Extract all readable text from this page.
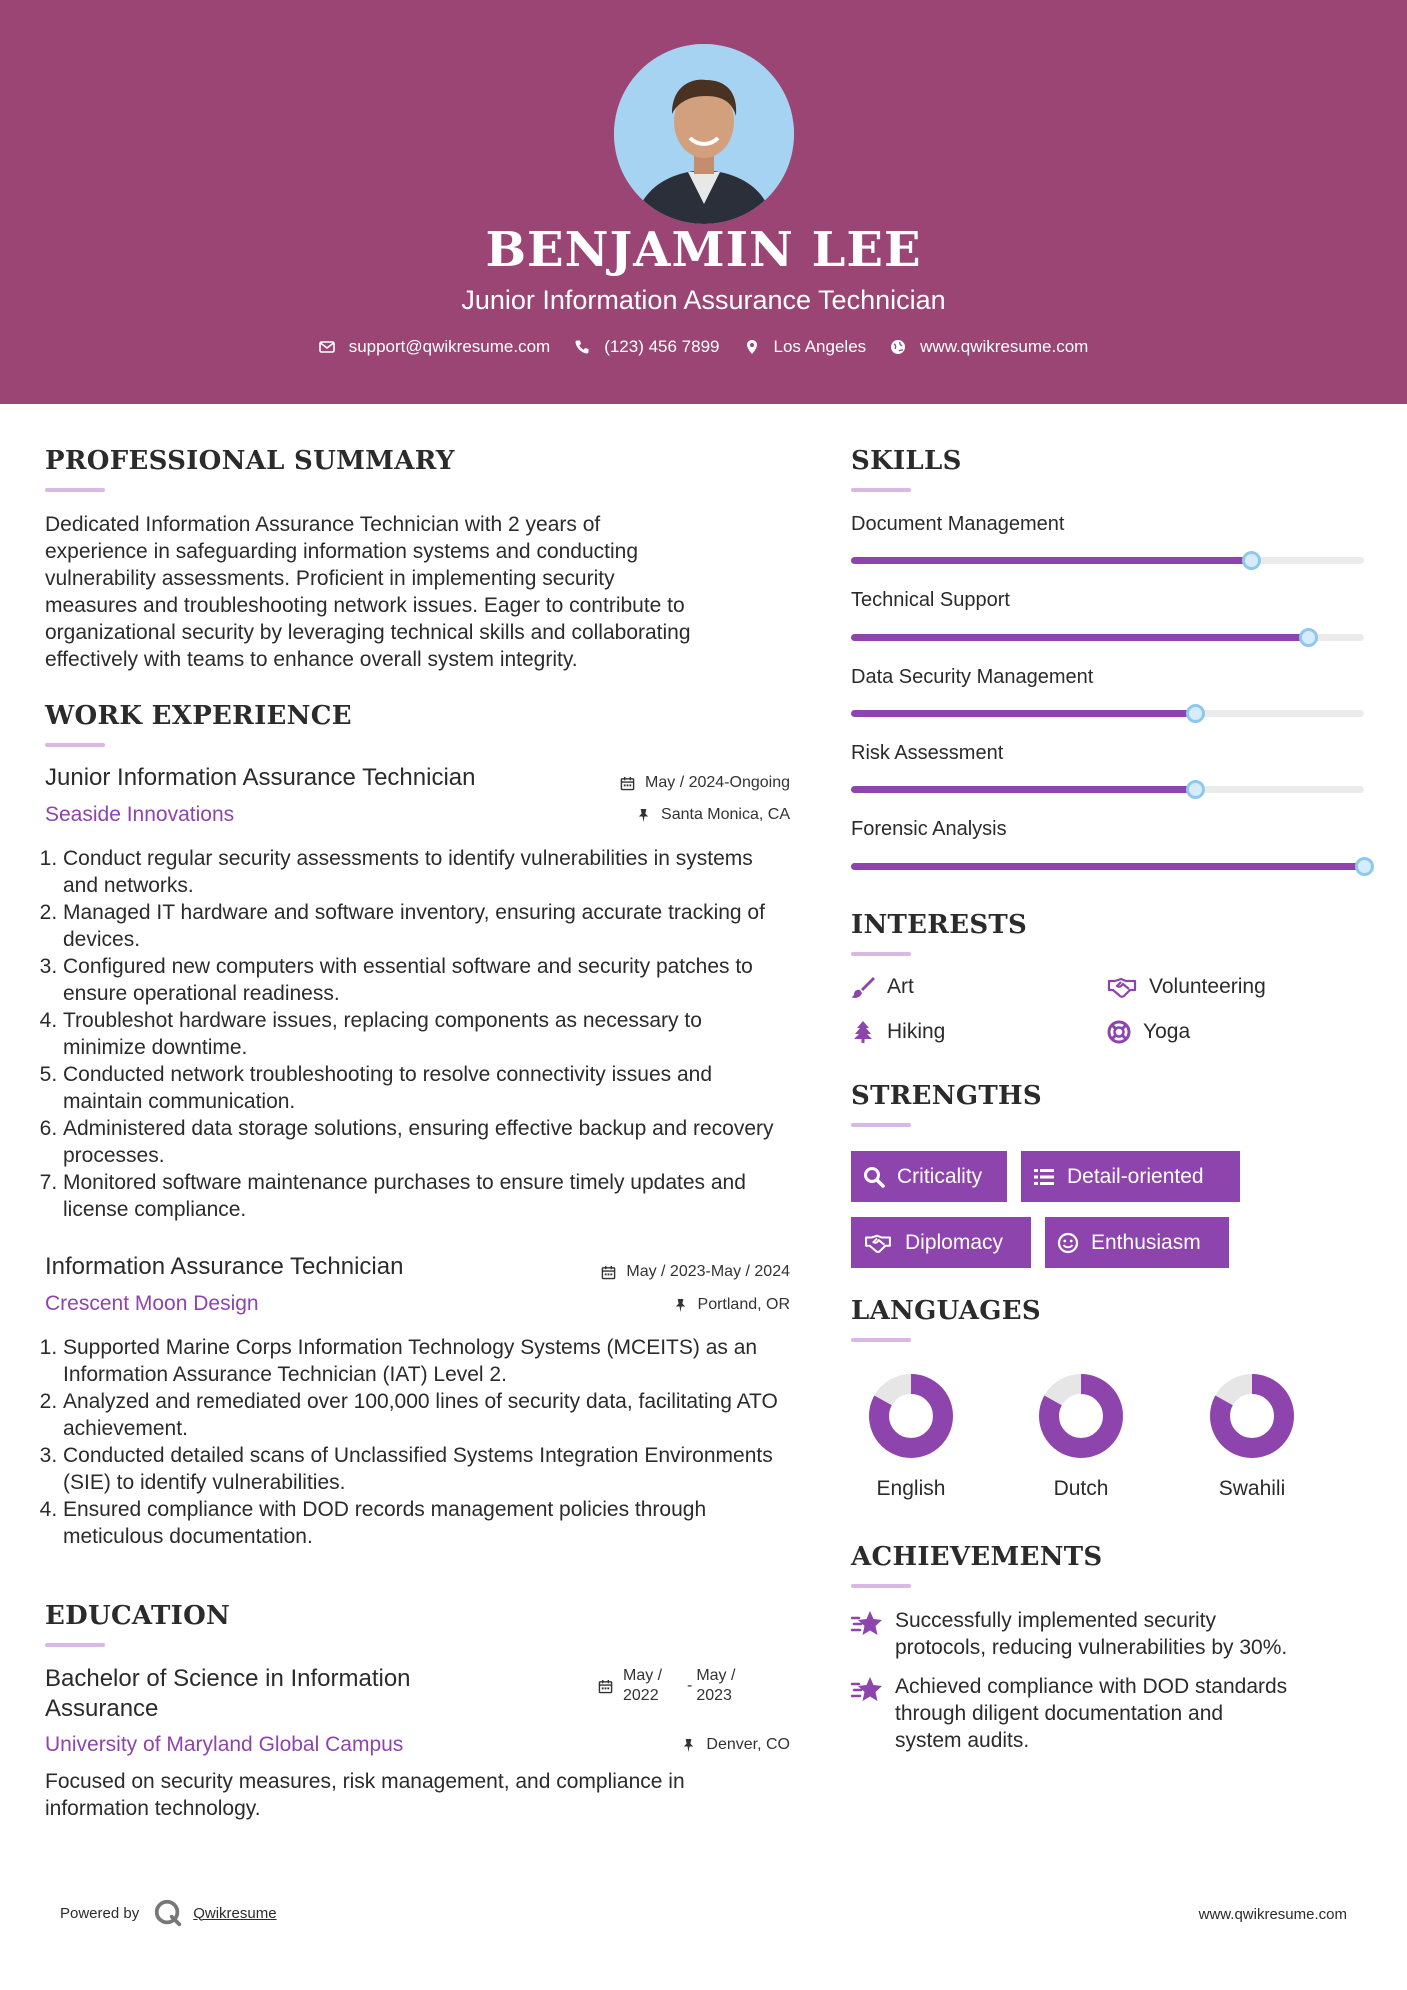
BENJAMIN LEE
Junior Information Assurance Technician
support@qwikresume.com	(123) 456 7899	Los Angeles	www.qwikresume.com
PROFESSIONAL SUMMARY
Dedicated Information Assurance Technician with 2 years of
experience in safeguarding information systems and conducting
vulnerability assessments. Proficient in implementing security
measures and troubleshooting network issues. Eager to contribute to
organizational security by leveraging technical skills and collaborating
effectively with teams to enhance overall system integrity.
WORK EXPERIENCE
Junior Information Assurance Technician	May / 2024-Ongoing
Seaside Innovations	Santa Monica, CA
1. Conduct regular security assessments to identify vulnerabilities in systems and networks.
2. Managed IT hardware and software inventory, ensuring accurate tracking of devices.
3. Configured new computers with essential software and security patches to ensure operational readiness.
4. Troubleshot hardware issues, replacing components as necessary to minimize downtime.
5. Conducted network troubleshooting to resolve connectivity issues and maintain communication.
6. Administered data storage solutions, ensuring effective backup and recovery processes.
7. Monitored software maintenance purchases to ensure timely updates and license compliance.
Information Assurance Technician	May / 2023-May / 2024
Crescent Moon Design	Portland, OR
1. Supported Marine Corps Information Technology Systems (MCEITS) as an Information Assurance Technician (IAT) Level 2.
2. Analyzed and remediated over 100,000 lines of security data, facilitating ATO achievement.
3. Conducted detailed scans of Unclassified Systems Integration Environments (SIE) to identify vulnerabilities.
4. Ensured compliance with DOD records management policies through meticulous documentation.
EDUCATION
Bachelor of Science in Information
Assurance
May /
2022
-
May /
2023
University of Maryland Global Campus	Denver, CO
Focused on security measures, risk management, and compliance in
information technology.
SKILLS
Document Management
Technical Support
Data Security Management
Risk Assessment
Forensic Analysis
INTERESTS
Art	Volunteering
Hiking	Yoga
STRENGTHS
Criticality	Detail-oriented
Diplomacy	Enthusiasm
LANGUAGES
English	Dutch	Swahili
ACHIEVEMENTS
Successfully implemented security
protocols, reducing vulnerabilities by 30%.
Achieved compliance with DOD standards
through diligent documentation and
system audits.
Powered by	Qwikresume	www.qwikresume.com
